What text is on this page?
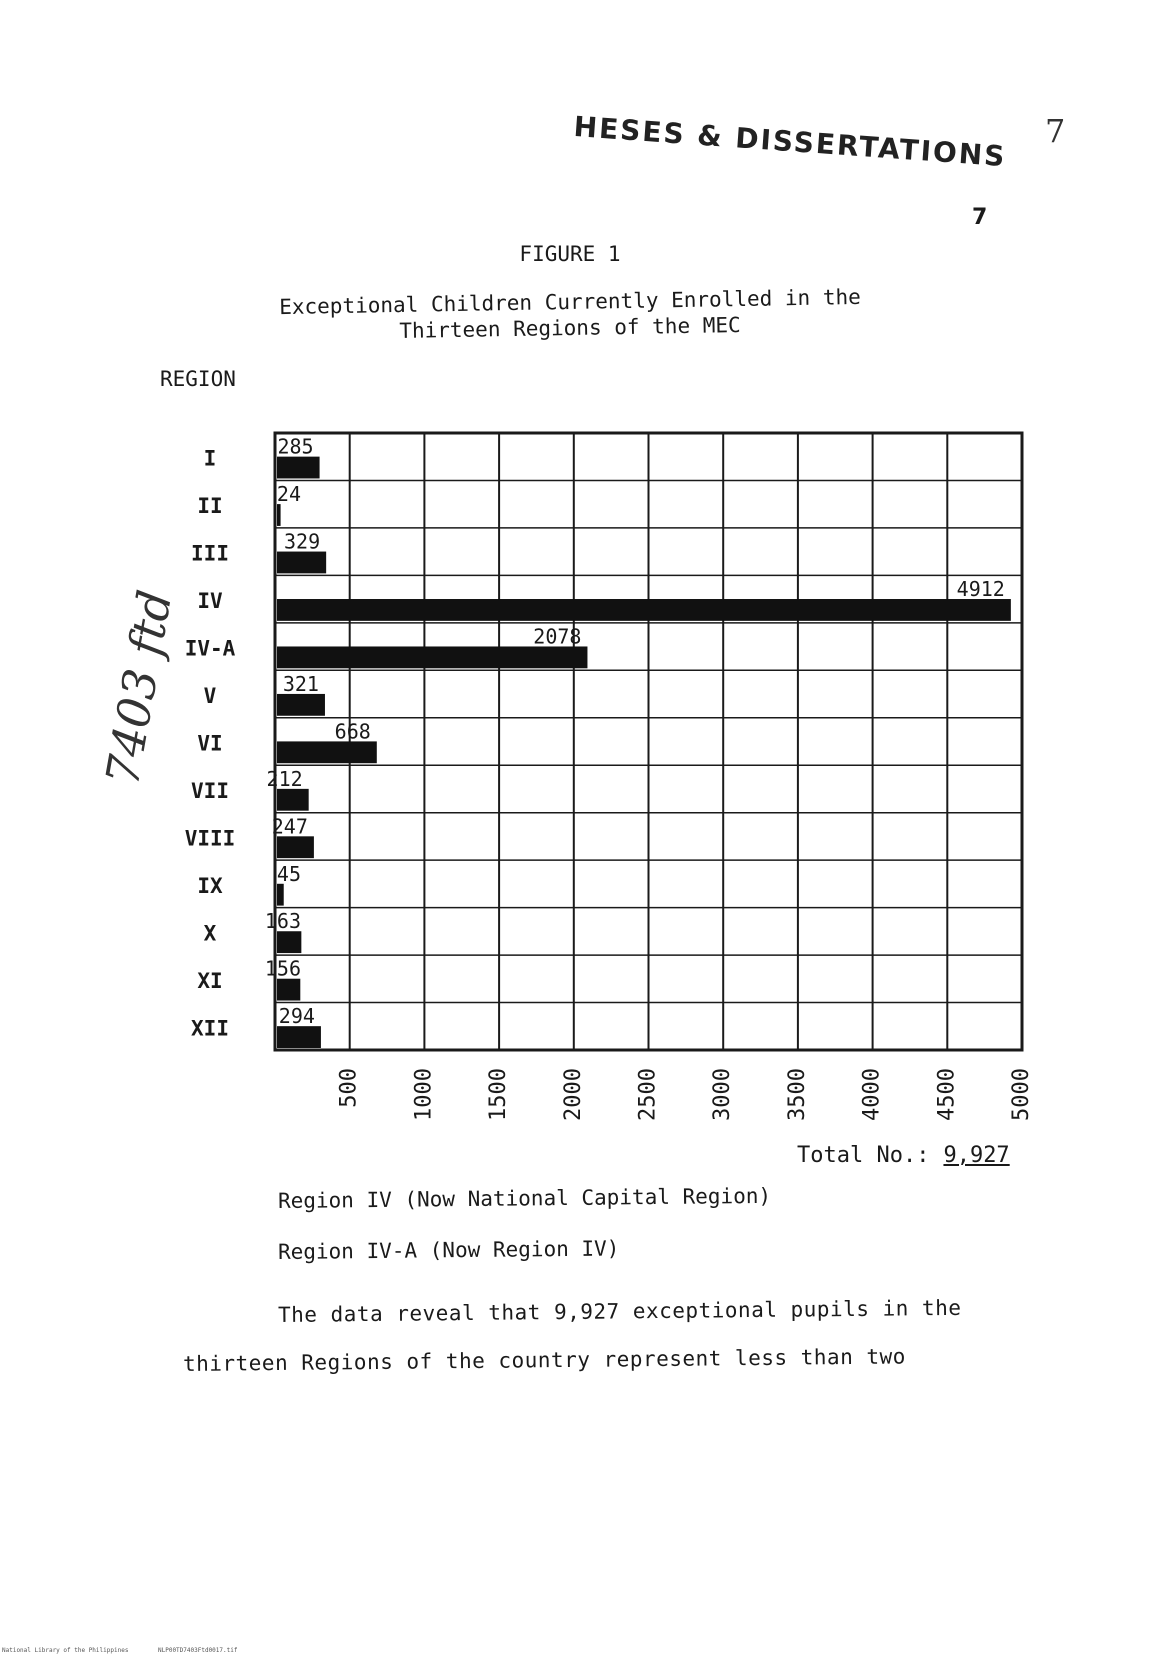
HESES & DISSERTATIONS 7
7
7403 ftd
FIGURE 1
Exceptional Children Currently Enrolled in the
Thirteen Regions of the MEC
REGION
500 1000 1500 2000 2500 3000 3500 4000 4500 5000
285
I
24
II
329
III
4912
IV
2078
IV-A
321
V
668
VI
212
VII
247
VIII
45
IX
163
X
156
XI
294
XII
Total No.: 9,927
Region IV (Now National Capital Region)
Region IV-A (Now Region IV)
The data reveal that 9,927 exceptional pupils in the
thirteen Regions of the country represent less than two
National Library of the Philippines	NLP00TD7403Ftd0017.tif
